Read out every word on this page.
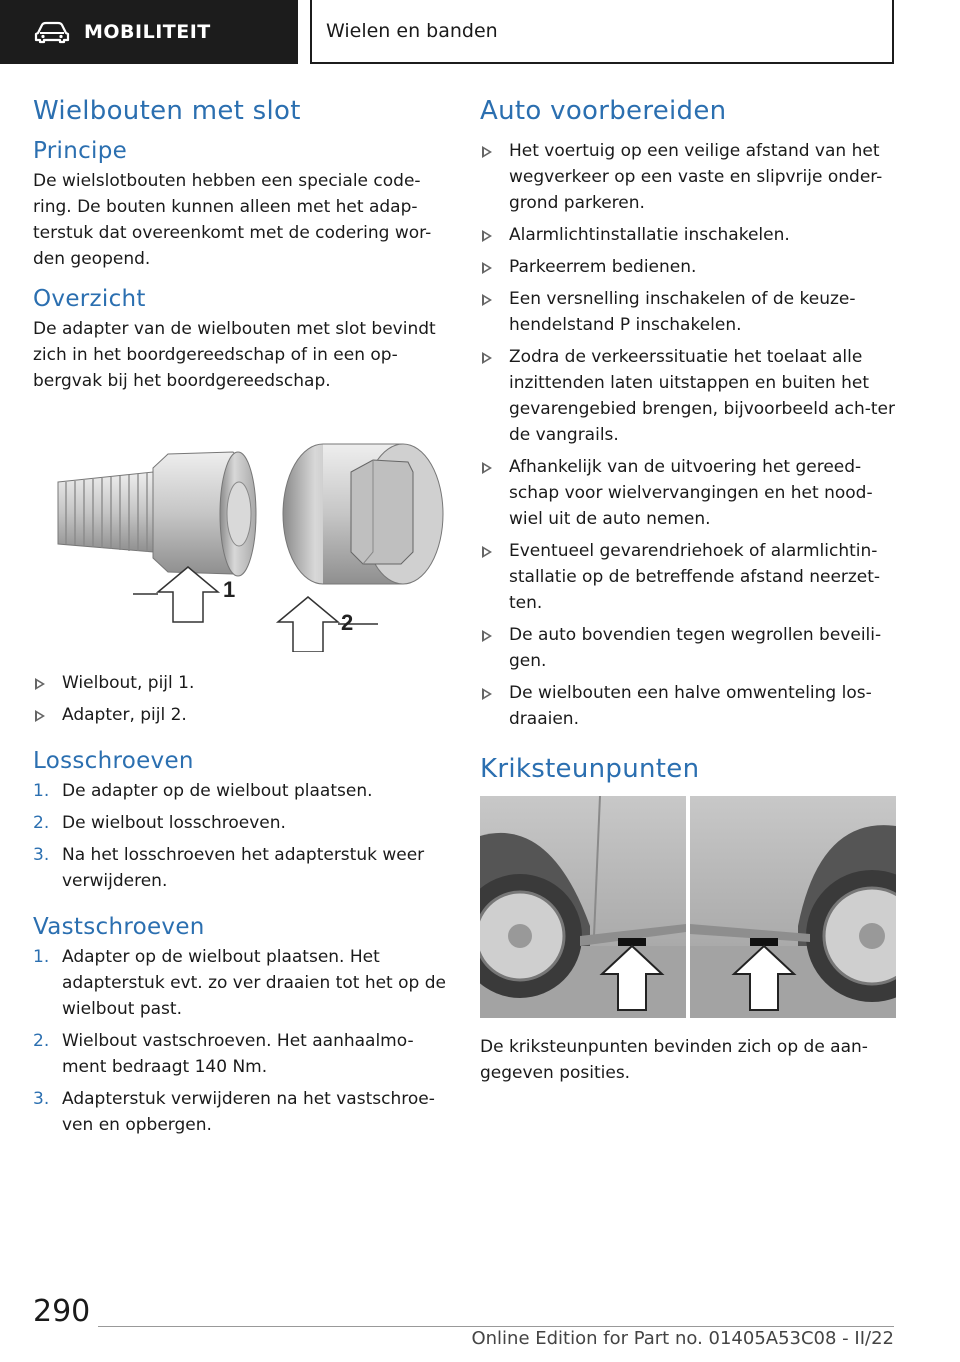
MOBILITEIT	Wielen en banden
Wielbouten met slot
Principe

De wielslotbouten hebben een speciale code-ring. De bouten kunnen alleen met het adap-terstuk dat overeenkomt met de codering wor-den geopend.

Overzicht

De adapter van de wielbouten met slot bevindt zich in het boordgereedschap of in een op-bergvak bij het boordgereedschap.

1
2
Wielbout, pijl 1.
Adapter, pijl 2.
Losschroeven
1. De adapter op de wielbout plaatsen.
2. De wielbout losschroeven.
3. Na het losschroeven het adapterstuk weer verwijderen.
Vastschroeven
1. Adapter op de wielbout plaatsen. Het adapterstuk evt. zo ver draaien tot het op de wielbout past.
2. Wielbout vastschroeven. Het aanhaalmo-ment bedraagt 140 Nm.
3. Adapterstuk verwijderen na het vastschroe-ven en opbergen.
Auto voorbereiden
Het voertuig op een veilige afstand van het wegverkeer op een vaste en slipvrije onder-grond parkeren.
Alarmlichtinstallatie inschakelen.
Parkeerrem bedienen.
Een versnelling inschakelen of de keuze-hendelstand P inschakelen.
Zodra de verkeerssituatie het toelaat alle inzittenden laten uitstappen en buiten het gevarengebied brengen, bijvoorbeeld ach-ter de vangrails.
Afhankelijk van de uitvoering het gereed-schap voor wielvervangingen en het nood-wiel uit de auto nemen.
Eventueel gevarendriehoek of alarmlichtin-stallatie op de betreffende afstand neerzet-ten.
De auto bovendien tegen wegrollen beveili-gen.
De wielbouten een halve omwenteling los-draaien.
Kriksteunpunten

De kriksteunpunten bevinden zich op de aan-gegeven posities.

290
Online Edition for Part no. 01405A53C08 - II/22
